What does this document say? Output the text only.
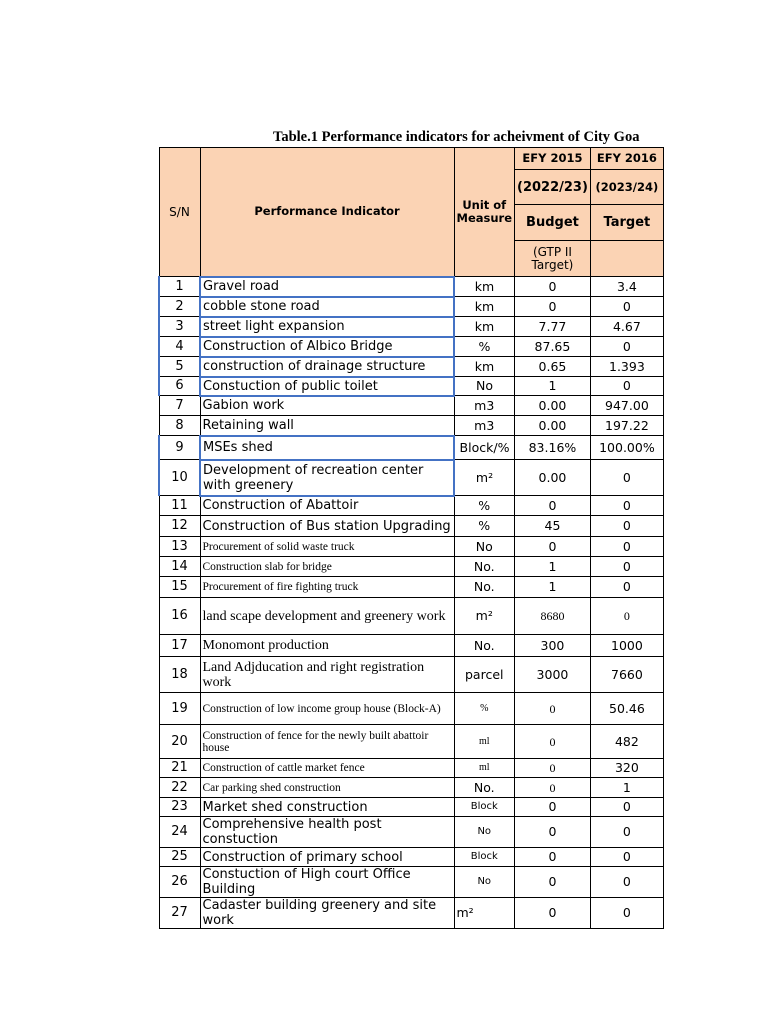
Table.1 Performance indicators for acheivment of City Goa
S/N	Performance Indicator	Unit of Measure	EFY 2015	EFY 2016
			(2022/23)	(2023/24)
			Budget	Target
			(GTP II Target)	
1	Gravel road	km	0	3.4
2	cobble stone road	km	0	0
3	street light expansion	km	7.77	4.67
4	Construction of Albico Bridge	%	87.65	0
5	construction of drainage structure	km	0.65	1.393
6	Constuction of public toilet	No	1	0
7	Gabion work	m3	0.00	947.00
8	Retaining wall	m3	0.00	197.22
9	MSEs shed	Block/%	83.16%	100.00%
10	Development of recreation center with greenery	m²	0.00	0
11	Construction of Abattoir	%	0	0
12	Construction of Bus station Upgrading	%	45	0
13	Procurement of solid waste truck	No	0	0
14	Construction slab for bridge	No.	1	0
15	Procurement of fire fighting truck	No.	1	0
16	land scape development and greenery work	m²	8680	0
17	Monomont production	No.	300	1000
18	Land Adjducation and right registration work	parcel	3000	7660
19	Construction of low income group house (Block-A)	%	0	50.46
20	Construction of fence for the newly built abattoir house	ml	0	482
21	Construction of cattle market fence	ml	0	320
22	Car parking shed construction	No.	0	1
23	Market shed construction	Block	0	0
24	Comprehensive health post constuction	No	0	0
25	Construction of primary school	Block	0	0
26	Constuction of High court Office Building	No	0	0
27	Cadaster building greenery and site work	m²	0	0
